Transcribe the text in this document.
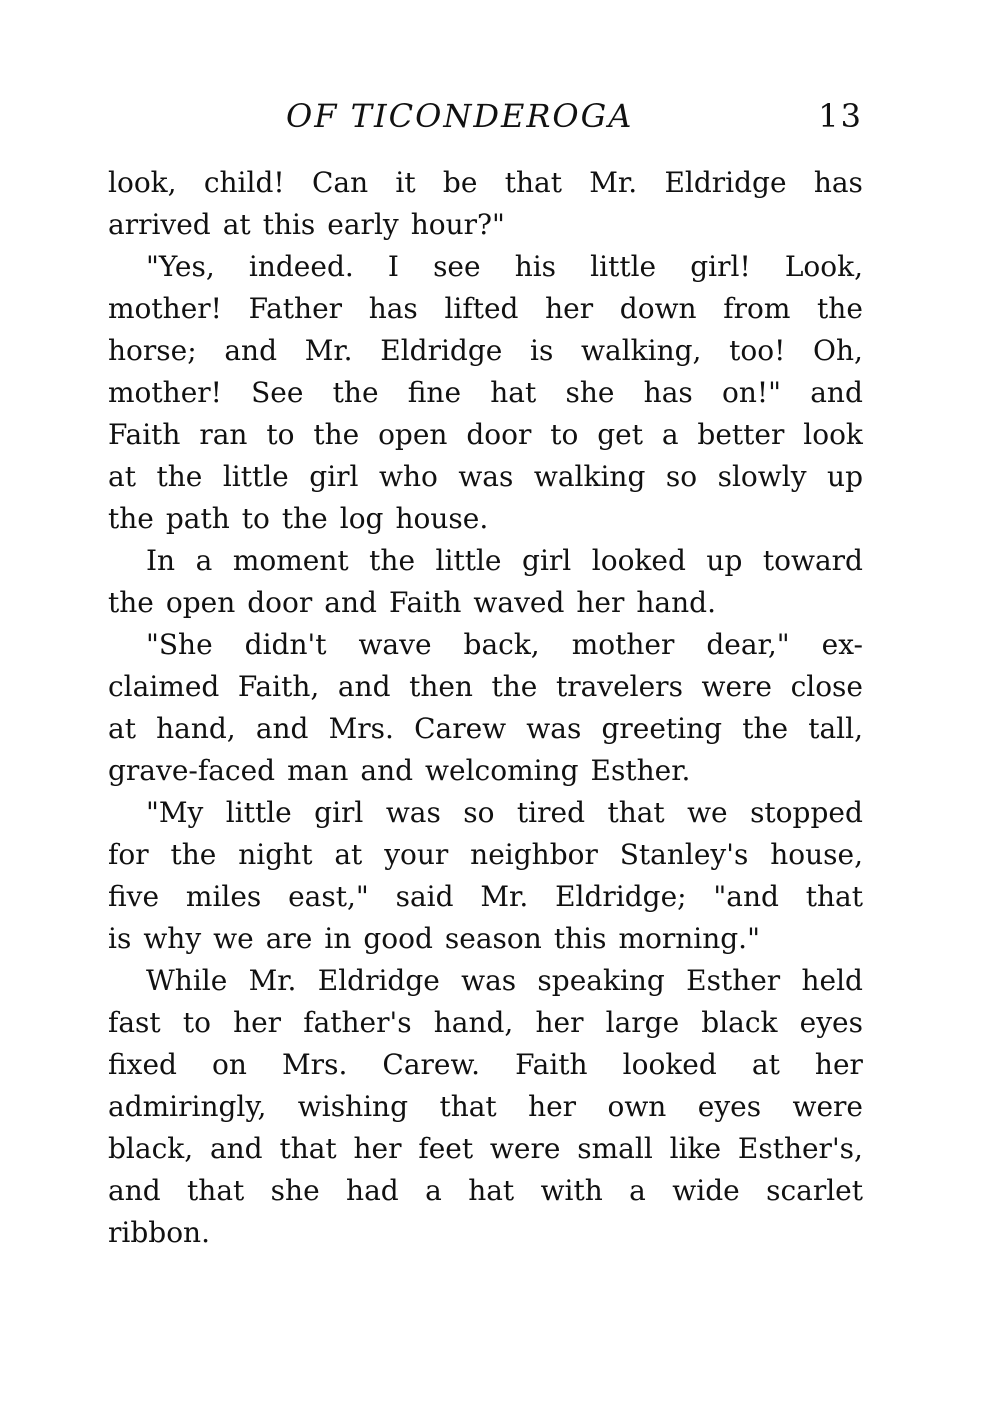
OF TICONDEROGA	13
look, child! Can it be that Mr. Eldridge has
arrived at this early hour?"
"Yes, indeed. I see his little girl! Look,
mother! Father has lifted her down from the
horse; and Mr. Eldridge is walking, too! Oh,
mother! See the fine hat she has on!" and
Faith ran to the open door to get a better look
at the little girl who was walking so slowly up
the path to the log house.
In a moment the little girl looked up toward
the open door and Faith waved her hand.
"She didn't wave back, mother dear," ex-
claimed Faith, and then the travelers were close
at hand, and Mrs. Carew was greeting the tall,
grave-faced man and welcoming Esther.
"My little girl was so tired that we stopped
for the night at your neighbor Stanley's house,
five miles east," said Mr. Eldridge; "and that
is why we are in good season this morning."
While Mr. Eldridge was speaking Esther held
fast to her father's hand, her large black eyes
fixed on Mrs. Carew. Faith looked at her
admiringly, wishing that her own eyes were
black, and that her feet were small like Esther's,
and that she had a hat with a wide scarlet
ribbon.
